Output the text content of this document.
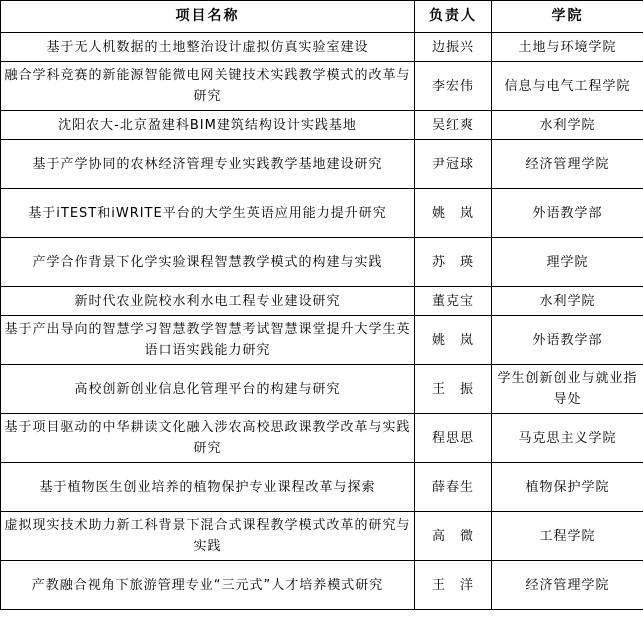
项目名称	负责人	学院
基于无人机数据的土地整治设计虚拟仿真实验室建设	边振兴	土地与环境学院
融合学科竞赛的新能源智能微电网关键技术实践教学模式的改革与研究	李宏伟	信息与电气工程学院
沈阳农大-北京盈建科BIM建筑结构设计实践基地	吴红爽	水利学院
基于产学协同的农林经济管理专业实践教学基地建设研究	尹冠球	经济管理学院
基于iTEST和iWRITE平台的大学生英语应用能力提升研究	姚　岚	外语教学部
产学合作背景下化学实验课程智慧教学模式的构建与实践	苏　瑛	理学院
新时代农业院校水利水电工程专业建设研究	董克宝	水利学院
基于产出导向的智慧学习智慧教学智慧考试智慧课堂提升大学生英语口语实践能力研究	姚　岚	外语教学部
高校创新创业信息化管理平台的构建与研究	王　振	学生创新创业与就业指导处
基于项目驱动的中华耕读文化融入涉农高校思政课教学改革与实践研究	程思思	马克思主义学院
基于植物医生创业培养的植物保护专业课程改革与探索	薛春生	植物保护学院
虚拟现实技术助力新工科背景下混合式课程教学模式改革的研究与实践	高　微	工程学院
产教融合视角下旅游管理专业“三元式”人才培养模式研究	王　洋	经济管理学院
